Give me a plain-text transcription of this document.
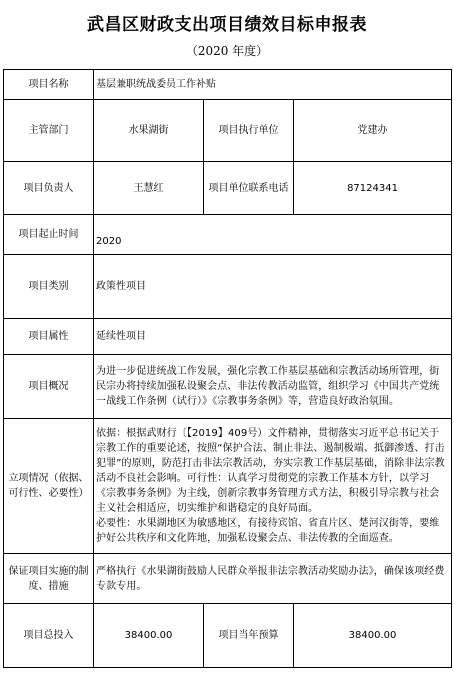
武昌区财政支出项目绩效目标申报表
（2020 年度）
项目名称	基层兼职统战委员工作补贴		
主管部门	水果湖街	项目执行单位	党建办
项目负责人	王慧红	项目单位联系电话	87124341
项目起止时间	2020		

项目类别	政策性项目		
项目属性	延续性项目		
项目概况	为进一步促进统战工作发展，强化宗教工作基层基础和宗教活动场所管理，街民宗办将持续加强私设聚会点、非法传教活动监管，组织学习《中国共产党统一战线工作条例（试行）》《宗教事务条例》等，营造良好政治氛围。		
立项情况（依据、可行性、必要性）	依据：根据武财行〔【2019】409号）文件精神，贯彻落实习近平总书记关于宗教工作的重要论述，按照“保护合法、制止非法、遏制极端、抵御渗透、打击犯罪”的原则，防范打击非法宗教活动，夯实宗教工作基层基础，消除非法宗教活动不良社会影响。可行性：认真学习贯彻党的宗教工作基本方针，以学习《宗教事务条例》为主线，创新宗教事务管理方式方法，积极引导宗教与社会主义社会相适应，切实维护和谐稳定的良好局面。
必要性：水果湖地区为敏感地区，有接待宾馆、省直片区、楚河汉街等，要维护好公共秩序和文化阵地，加强私设聚会点、非法传教的全面巡查。		
保证项目实施的制度、措施	严格执行《水果湖街鼓励人民群众举报非法宗教活动奖励办法》，确保该项经费专款专用。		
项目总投入	38400.00	项目当年预算	38400.00
